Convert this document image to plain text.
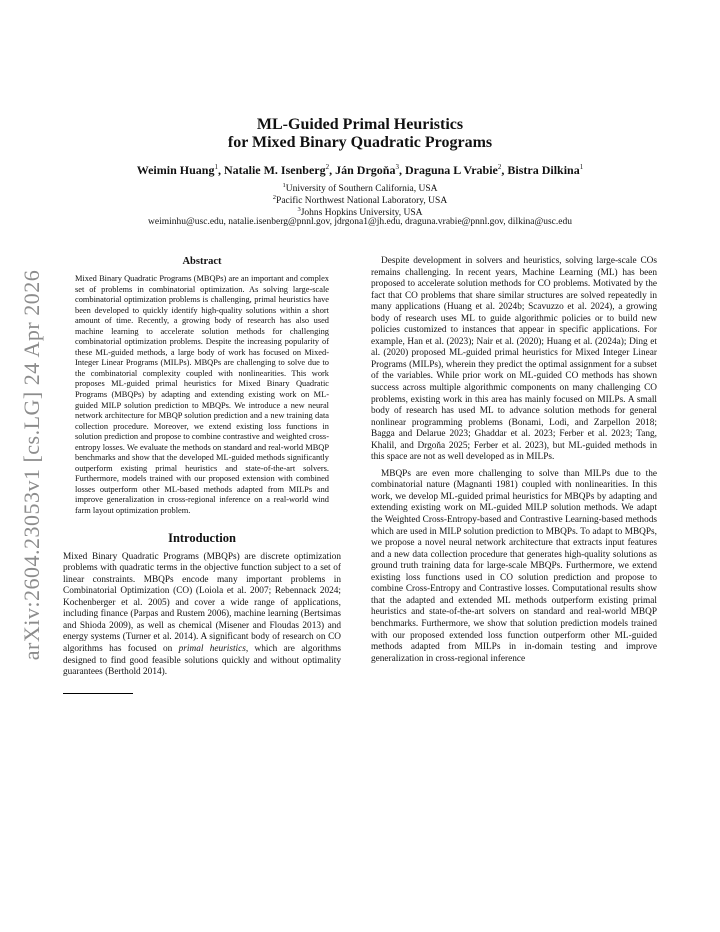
arXiv:2604.23053v1 [cs.LG] 24 Apr 2026
ML-Guided Primal Heuristics
for Mixed Binary Quadratic Programs
Weimin Huang$^1$, Natalie M. Isenberg$^2$, Ján Drgoňa$^3$, Draguna L Vrabie$^2$, Bistra Dilkina$^1$
$^1$University of Southern California, USA
$^2$Pacific Northwest National Laboratory, USA
$^3$Johns Hopkins University, USA
weiminhu@usc.edu, natalie.isenberg@pnnl.gov, jdrgona1@jh.edu, draguna.vrabie@pnnl.gov, dilkina@usc.edu
Abstract

Mixed Binary Quadratic Programs (MBQPs) are an important and complex set of problems in combinatorial optimization. As solving large-scale combinatorial optimization problems is challenging, primal heuristics have been developed to quickly identify high-quality solutions within a short amount of time. Recently, a growing body of research has also used machine learning to accelerate solution methods for challenging combinatorial optimization problems. Despite the increasing popularity of these ML-guided methods, a large body of work has focused on Mixed-Integer Linear Programs (MILPs). MBQPs are challenging to solve due to the combinatorial complexity coupled with nonlinearities. This work proposes ML-guided primal heuristics for Mixed Binary Quadratic Programs (MBQPs) by adapting and extending existing work on ML-guided MILP solution prediction to MBQPs. We introduce a new neural network architecture for MBQP solution prediction and a new training data collection procedure. Moreover, we extend existing loss functions in solution prediction and propose to combine contrastive and weighted cross-entropy losses. We evaluate the methods on standard and real-world MBQP benchmarks and show that the developed ML-guided methods significantly outperform existing primal heuristics and state-of-the-art solvers. Furthermore, models trained with our proposed extension with combined losses outperform other ML-based methods adapted from MILPs and improve generalization in cross-regional inference on a real-world wind farm layout optimization problem.

Introduction

Mixed Binary Quadratic Programs (MBQPs) are discrete optimization problems with quadratic terms in the objective function subject to a set of linear constraints. MBQPs encode many important problems in Combinatorial Optimization (CO) (Loiola et al. 2007; Rebennack 2024; Kochenberger et al. 2005) and cover a wide range of applications, including finance (Parpas and Rustem 2006), machine learning (Bertsimas and Shioda 2009), as well as chemical (Misener and Floudas 2013) and energy systems (Turner et al. 2014). A significant body of research on CO algorithms has focused on primal heuristics, which are algorithms designed to find good feasible solutions quickly and without optimality guarantees (Berthold 2014).

Despite development in solvers and heuristics, solving large-scale COs remains challenging. In recent years, Machine Learning (ML) has been proposed to accelerate solution methods for CO problems. Motivated by the fact that CO problems that share similar structures are solved repeatedly in many applications (Huang et al. 2024b; Scavuzzo et al. 2024), a growing body of research uses ML to guide algorithmic policies or to build new policies customized to instances that appear in specific applications. For example, Han et al. (2023); Nair et al. (2020); Huang et al. (2024a); Ding et al. (2020) proposed ML-guided primal heuristics for Mixed Integer Linear Programs (MILPs), wherein they predict the optimal assignment for a subset of the variables. While prior work on ML-guided CO methods has shown success across multiple algorithmic components on many challenging CO problems, existing work in this area has mainly focused on MILPs. A small body of research has used ML to advance solution methods for general nonlinear programming problems (Bonami, Lodi, and Zarpellon 2018; Bagga and Delarue 2023; Ghaddar et al. 2023; Ferber et al. 2023; Tang, Khalil, and Drgoňa 2025; Ferber et al. 2023), but ML-guided methods in this space are not as well developed as in MILPs.

MBQPs are even more challenging to solve than MILPs due to the combinatorial nature (Magnanti 1981) coupled with nonlinearities. In this work, we develop ML-guided primal heuristics for MBQPs by adapting and extending existing work on ML-guided MILP solution methods. We adapt the Weighted Cross-Entropy-based and Contrastive Learning-based methods which are used in MILP solution prediction to MBQPs. To adapt to MBQPs, we propose a novel neural network architecture that extracts input features and a new data collection procedure that generates high-quality solutions as ground truth training data for large-scale MBQPs. Furthermore, we extend existing loss functions used in CO solution prediction and propose to combine Cross-Entropy and Contrastive losses. Computational results show that the adapted and extended ML methods outperform existing primal heuristics and state-of-the-art solvers on standard and real-world MBQP benchmarks. Furthermore, we show that solution prediction models trained with our proposed extended loss function outperform other ML-guided methods adapted from MILPs in in-domain testing and improve generalization in cross-regional inference
